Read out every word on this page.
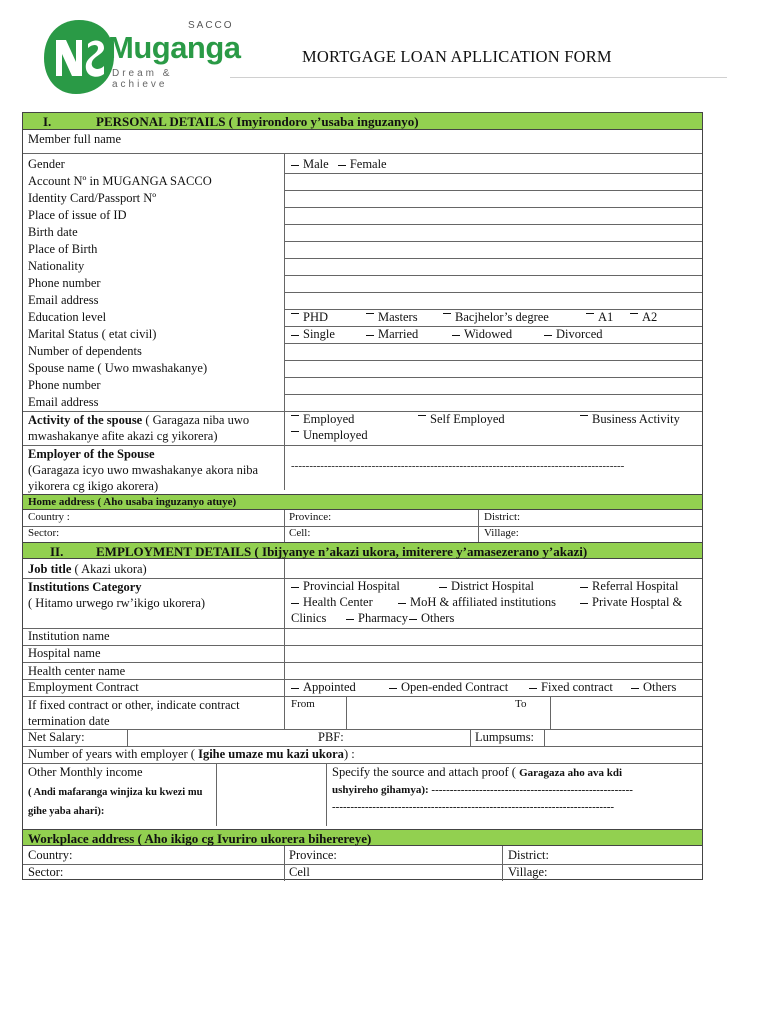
SACCO
Muganga
Dream & achieve
MORTGAGE LOAN APLLICATION FORM
I.	PERSONAL DETAILS ( Imyirondoro y’usaba inguzanyo)
Member full name
Gender	Male Female
Account Nº in MUGANGA SACCO
Identity Card/Passport Nº
Place of issue of ID
Birth date
Place of Birth
Nationality
Phone number
Email address
Education level	PHD	Masters	Bacjhelor’s degree	A1	A2
Marital Status ( etat civil)	Single	Married	Widowed	Divorced
Number of dependents
Spouse name ( Uwo mwashakanye)
Phone number
Email address
Activity of the spouse ( Garagaza niba uwo mwashakanye afite akazi cg yikorera)
Employed	Self Employed	Business Activity
Unemployed
Employer of the Spouse
(Garagaza icyo uwo mwashakanye akora niba yikorera cg ikigo akorera)
-------------------------------------------------------------------------------------------
Home address ( Aho usaba inguzanyo atuye)
Country :	Province:	District:
Sector:	Cell:	Village:
II.	EMPLOYMENT DETAILS ( Ibijyanye n’akazi ukora, imiterere y’amasezerano y’akazi)
Job title ( Akazi ukora)
Institutions Category
( Hitamo urwego rw’ikigo ukorera)
Provincial Hospital	District Hospital	Referral Hospital
Health Center	MoH & affiliated institutions	Private Hosptal &
Clinics	Pharmacy	Others
Institution name
Hospital name
Health center name
Employment Contract	Appointed	Open-ended Contract	Fixed contract	Others
If fixed contract or other, indicate contract termination date
From	To
Net Salary:	PBF:	Lumpsums:
Number of years with employer ( Igihe umaze mu kazi ukora) :
Other Monthly income
( Andi mafaranga winjiza ku kwezi mu gihe yaba ahari):
Specify the source and attach proof ( Garagaza aho ava kdi
ushyireho gihamya): -------------------------------------------------------
-----------------------------------------------------------------------------
Workplace address ( Aho ikigo cg Ivuriro ukorera biherereye)
Country:	Province:	District:
Sector:	Cell	Village:
